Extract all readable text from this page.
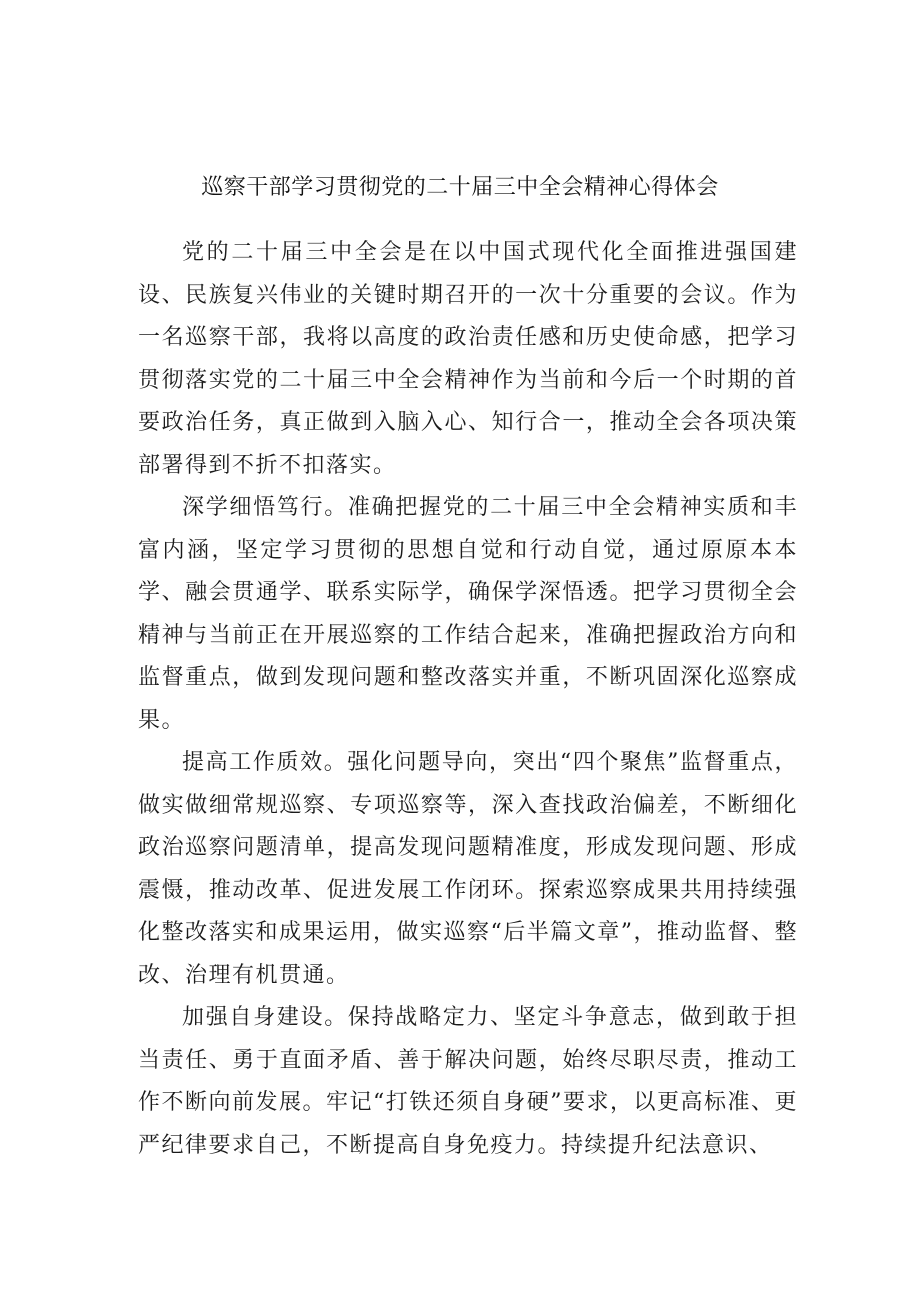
巡察干部学习贯彻党的二十届三中全会精神心得体会

党的二十届三中全会是在以中国式现代化全面推进强国建设、民族复兴伟业的关键时期召开的一次十分重要的会议。作为一名巡察干部，我将以高度的政治责任感和历史使命感，把学习贯彻落实党的二十届三中全会精神作为当前和今后一个时期的首要政治任务，真正做到入脑入心、知行合一，推动全会各项决策部署得到不折不扣落实。

深学细悟笃行。准确把握党的二十届三中全会精神实质和丰富内涵，坚定学习贯彻的思想自觉和行动自觉，通过原原本本学、融会贯通学、联系实际学，确保学深悟透。把学习贯彻全会精神与当前正在开展巡察的工作结合起来，准确把握政治方向和监督重点，做到发现问题和整改落实并重，不断巩固深化巡察成果。

提高工作质效。强化问题导向，突出“四个聚焦”监督重点，做实做细常规巡察、专项巡察等，深入查找政治偏差，不断细化政治巡察问题清单，提高发现问题精准度，形成发现问题、形成震慑，推动改革、促进发展工作闭环。探索巡察成果共用持续强化整改落实和成果运用，做实巡察“后半篇文章”，推动监督、整改、治理有机贯通。

加强自身建设。保持战略定力、坚定斗争意志，做到敢于担当责任、勇于直面矛盾、善于解决问题，始终尽职尽责，推动工作不断向前发展。牢记“打铁还须自身硬”要求，以更高标准、更严纪律要求自己，不断提高自身免疫力。持续提升纪法意识、
